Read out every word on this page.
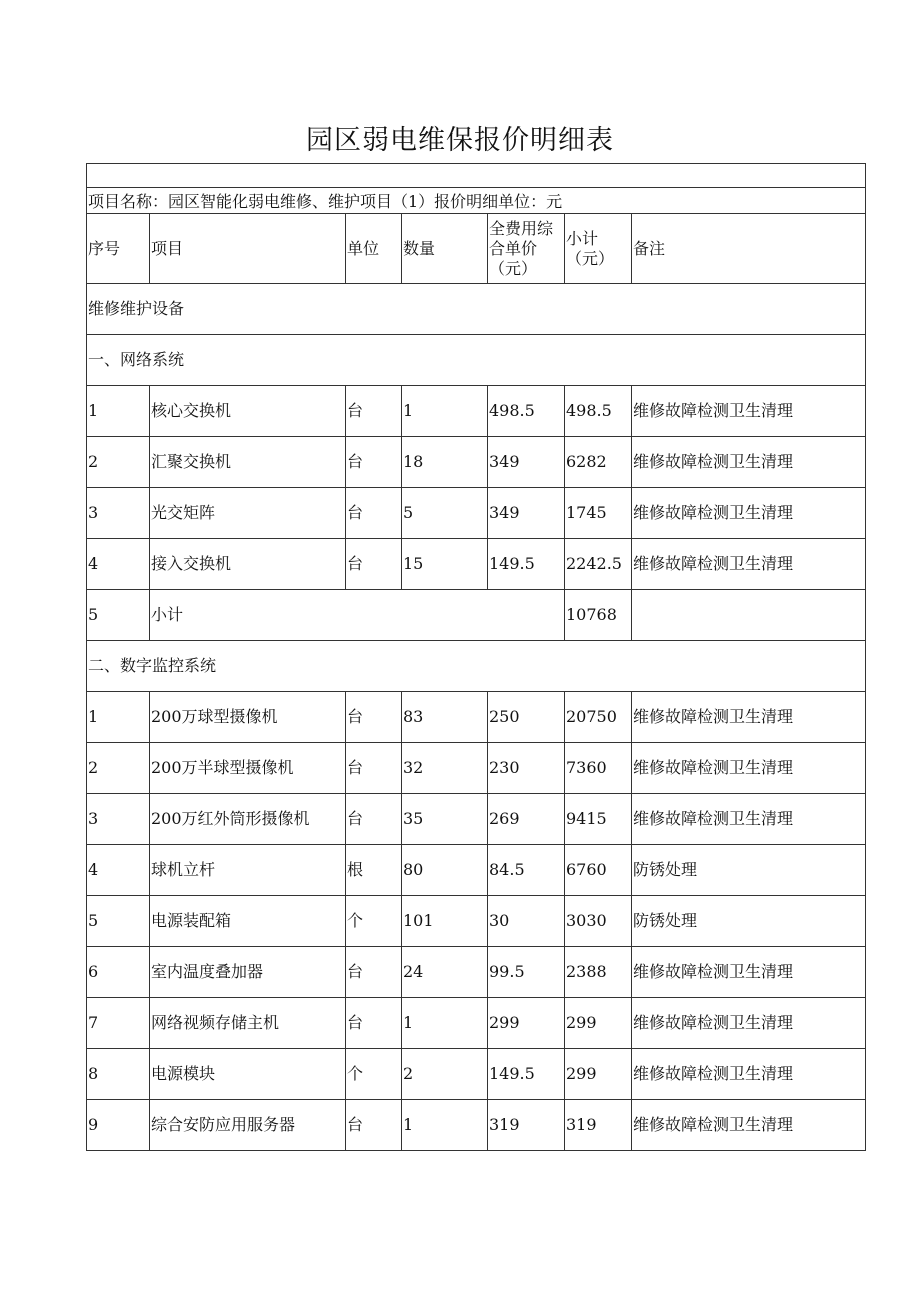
园区弱电维保报价明细表

项目名称：园区智能化弱电维修、维护项目（1）报价明细单位：元						
序号	项目	单位	数量	全费用综合单价（元）	小计（元）	备注
维修维护设备						
一、网络系统						
1	核心交换机	台	1	498.5	498.5	维修故障检测卫生清理
2	汇聚交换机	台	18	349	6282	维修故障检测卫生清理
3	光交矩阵	台	5	349	1745	维修故障检测卫生清理
4	接入交换机	台	15	149.5	2242.5	维修故障检测卫生清理
5	小计				10768	
二、数字监控系统						
1	200万球型摄像机	台	83	250	20750	维修故障检测卫生清理
2	200万半球型摄像机	台	32	230	7360	维修故障检测卫生清理
3	200万红外筒形摄像机	台	35	269	9415	维修故障检测卫生清理
4	球机立杆	根	80	84.5	6760	防锈处理
5	电源装配箱	个	101	30	3030	防锈处理
6	室内温度叠加器	台	24	99.5	2388	维修故障检测卫生清理
7	网络视频存储主机	台	1	299	299	维修故障检测卫生清理
8	电源模块	个	2	149.5	299	维修故障检测卫生清理
9	综合安防应用服务器	台	1	319	319	维修故障检测卫生清理
